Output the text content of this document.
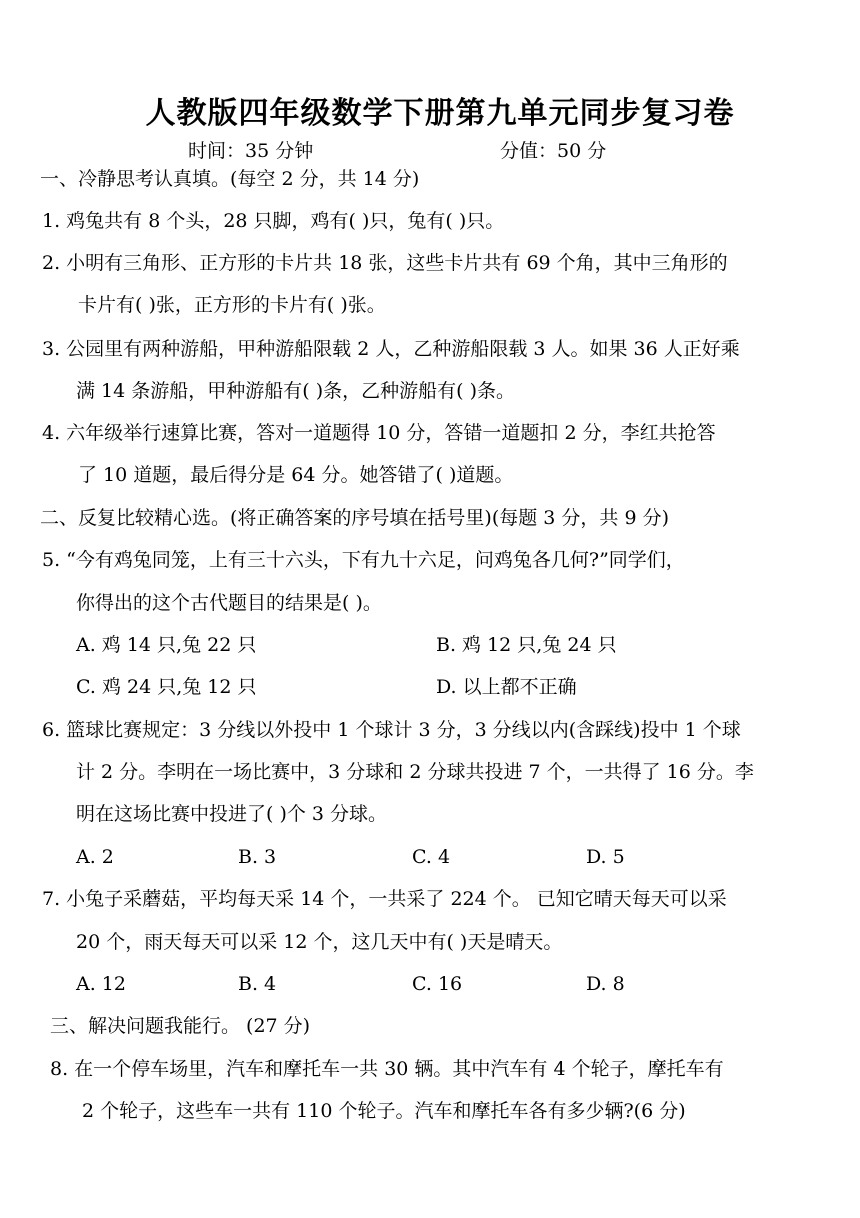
人教版四年级数学下册第九单元同步复习卷
时间：35 分钟	分值：50 分
一、冷静思考认真填。(每空 2 分，共 14 分)
1. 鸡兔共有 8 个头，28 只脚，鸡有( )只，兔有( )只。
2. 小明有三角形、正方形的卡片共 18 张，这些卡片共有 69 个角，其中三角形的
卡片有( )张，正方形的卡片有( )张。
3. 公园里有两种游船，甲种游船限载 2 人，乙种游船限载 3 人。如果 36 人正好乘
满 14 条游船，甲种游船有( )条，乙种游船有( )条。
4. 六年级举行速算比赛，答对一道题得 10 分，答错一道题扣 2 分，李红共抢答
了 10 道题，最后得分是 64 分。她答错了( )道题。
二、反复比较精心选。(将正确答案的序号填在括号里)(每题 3 分，共 9 分)
5. “今有鸡兔同笼，上有三十六头，下有九十六足，问鸡兔各几何?”同学们，
你得出的这个古代题目的结果是( )。
A. 鸡 14 只,兔 22 只	B. 鸡 12 只,兔 24 只
C. 鸡 24 只,兔 12 只	D. 以上都不正确
6. 篮球比赛规定：3 分线以外投中 1 个球计 3 分，3 分线以内(含踩线)投中 1 个球
计 2 分。李明在一场比赛中，3 分球和 2 分球共投进 7 个，一共得了 16 分。李
明在这场比赛中投进了( )个 3 分球。
A. 2	B. 3	C. 4	D. 5
7. 小兔子采蘑菇，平均每天采 14 个，一共采了 224 个。 已知它晴天每天可以采
20 个，雨天每天可以采 12 个，这几天中有( )天是晴天。
A. 12	B. 4	C. 16	D. 8
三、解决问题我能行。 (27 分)
8. 在一个停车场里，汽车和摩托车一共 30 辆。其中汽车有 4 个轮子，摩托车有
2 个轮子，这些车一共有 110 个轮子。汽车和摩托车各有多少辆?(6 分)
